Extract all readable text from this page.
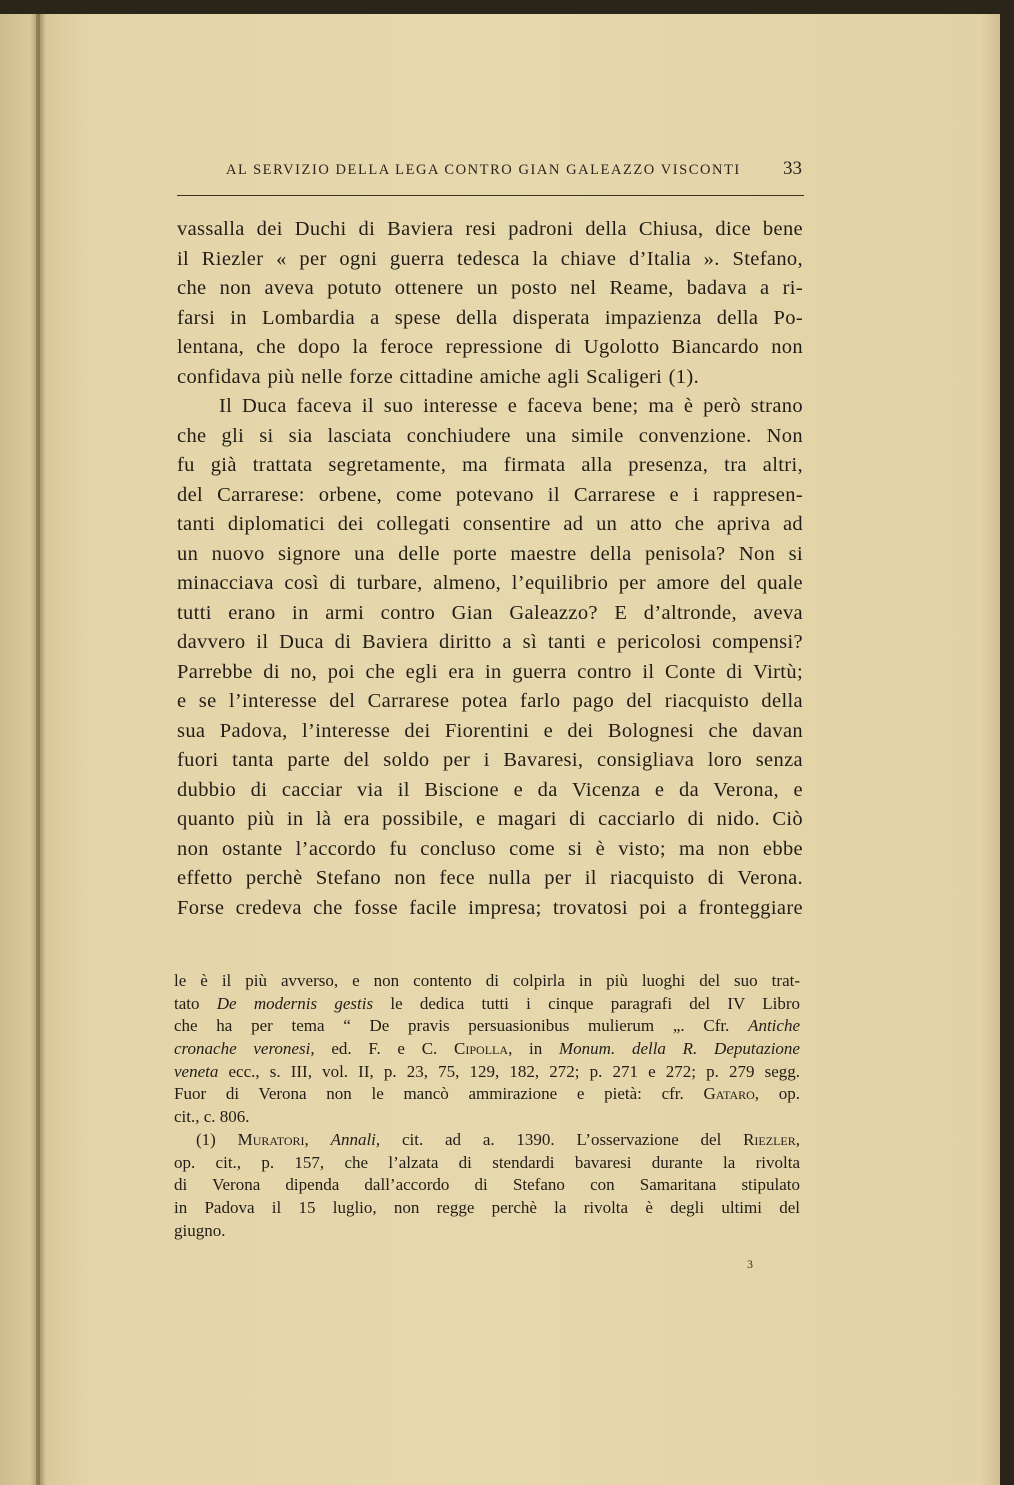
AL SERVIZIO DELLA LEGA CONTRO GIAN GALEAZZO VISCONTI	33
vassalla dei Duchi di Baviera resi padroni della Chiusa, dice bene
il Riezler « per ogni guerra tedesca la chiave d’Italia ». Stefano,
che non aveva potuto ottenere un posto nel Reame, badava a ri-
farsi in Lombardia a spese della disperata impazienza della Po-
lentana, che dopo la feroce repressione di Ugolotto Biancardo non
confidava più nelle forze cittadine amiche agli Scaligeri (1).
Il Duca faceva il suo interesse e faceva bene; ma è però strano
che gli si sia lasciata conchiudere una simile convenzione. Non
fu già trattata segretamente, ma firmata alla presenza, tra altri,
del Carrarese: orbene, come potevano il Carrarese e i rappresen-
tanti diplomatici dei collegati consentire ad un atto che apriva ad
un nuovo signore una delle porte maestre della penisola? Non si
minacciava così di turbare, almeno, l’equilibrio per amore del quale
tutti erano in armi contro Gian Galeazzo? E d’altronde, aveva
davvero il Duca di Baviera diritto a sì tanti e pericolosi compensi?
Parrebbe di no, poi che egli era in guerra contro il Conte di Virtù;
e se l’interesse del Carrarese potea farlo pago del riacquisto della
sua Padova, l’interesse dei Fiorentini e dei Bolognesi che davan
fuori tanta parte del soldo per i Bavaresi, consigliava loro senza
dubbio di cacciar via il Biscione e da Vicenza e da Verona, e
quanto più in là era possibile, e magari di cacciarlo di nido. Ciò
non ostante l’accordo fu concluso come si è visto; ma non ebbe
effetto perchè Stefano non fece nulla per il riacquisto di Verona.
Forse credeva che fosse facile impresa; trovatosi poi a fronteggiare
le è il più avverso, e non contento di colpirla in più luoghi del suo trat-
tato De modernis gestis le dedica tutti i cinque paragrafi del IV Libro
che ha per tema “ De pravis persuasionibus mulierum „. Cfr. Antiche
cronache veronesi, ed. F. e C. Cipolla, in Monum. della R. Deputazione
veneta ecc., s. III, vol. II, p. 23, 75, 129, 182, 272; p. 271 e 272; p. 279 segg.
Fuor di Verona non le mancò ammirazione e pietà: cfr. Gataro, op.
cit., c. 806.
(1) Muratori, Annali, cit. ad a. 1390. L’osservazione del Riezler,
op. cit., p. 157, che l’alzata di stendardi bavaresi durante la rivolta
di Verona dipenda dall’accordo di Stefano con Samaritana stipulato
in Padova il 15 luglio, non regge perchè la rivolta è degli ultimi del
giugno.
3
